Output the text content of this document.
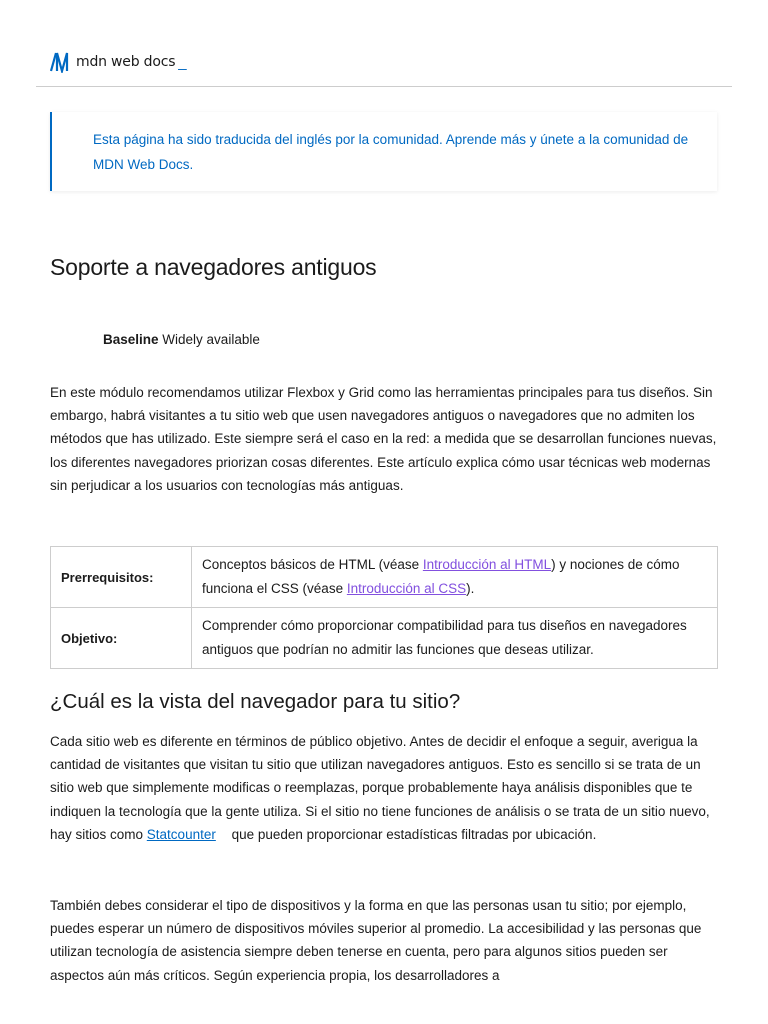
mdn web docs _

Esta página ha sido traducida del inglés por la comunidad. Aprende más y únete a la comunidad de MDN Web Docs.

Soporte a navegadores antiguos
Baseline Widely available

En este módulo recomendamos utilizar Flexbox y Grid como las herramientas principales para tus diseños. Sin embargo, habrá visitantes a tu sitio web que usen navegadores antiguos o navegadores que no admiten los métodos que has utilizado. Este siempre será el caso en la red: a medida que se desarrollan funciones nuevas, los diferentes navegadores priorizan cosas diferentes. Este artículo explica cómo usar técnicas web modernas sin perjudicar a los usuarios con tecnologías más antiguas.

Prerrequisitos:	Conceptos básicos de HTML (véase Introducción al HTML) y nociones de cómo funciona el CSS (véase Introducción al CSS).
Objetivo:	Comprender cómo proporcionar compatibilidad para tus diseños en navegadores antiguos que podrían no admitir las funciones que deseas utilizar.
¿Cuál es la vista del navegador para tu sitio?

Cada sitio web es diferente en términos de público objetivo. Antes de decidir el enfoque a seguir, averigua la cantidad de visitantes que visitan tu sitio que utilizan navegadores antiguos. Esto es sencillo si se trata de un sitio web que simplemente modificas o reemplazas, porque probablemente haya análisis disponibles que te indiquen la tecnología que la gente utiliza. Si el sitio no tiene funciones de análisis o se trata de un sitio nuevo, hay sitios como Statcounter que pueden proporcionar estadísticas filtradas por ubicación.

También debes considerar el tipo de dispositivos y la forma en que las personas usan tu sitio; por ejemplo, puedes esperar un número de dispositivos móviles superior al promedio. La accesibilidad y las personas que utilizan tecnología de asistencia siempre deben tenerse en cuenta, pero para algunos sitios pueden ser aspectos aún más críticos. Según experiencia propia, los desarrolladores a
